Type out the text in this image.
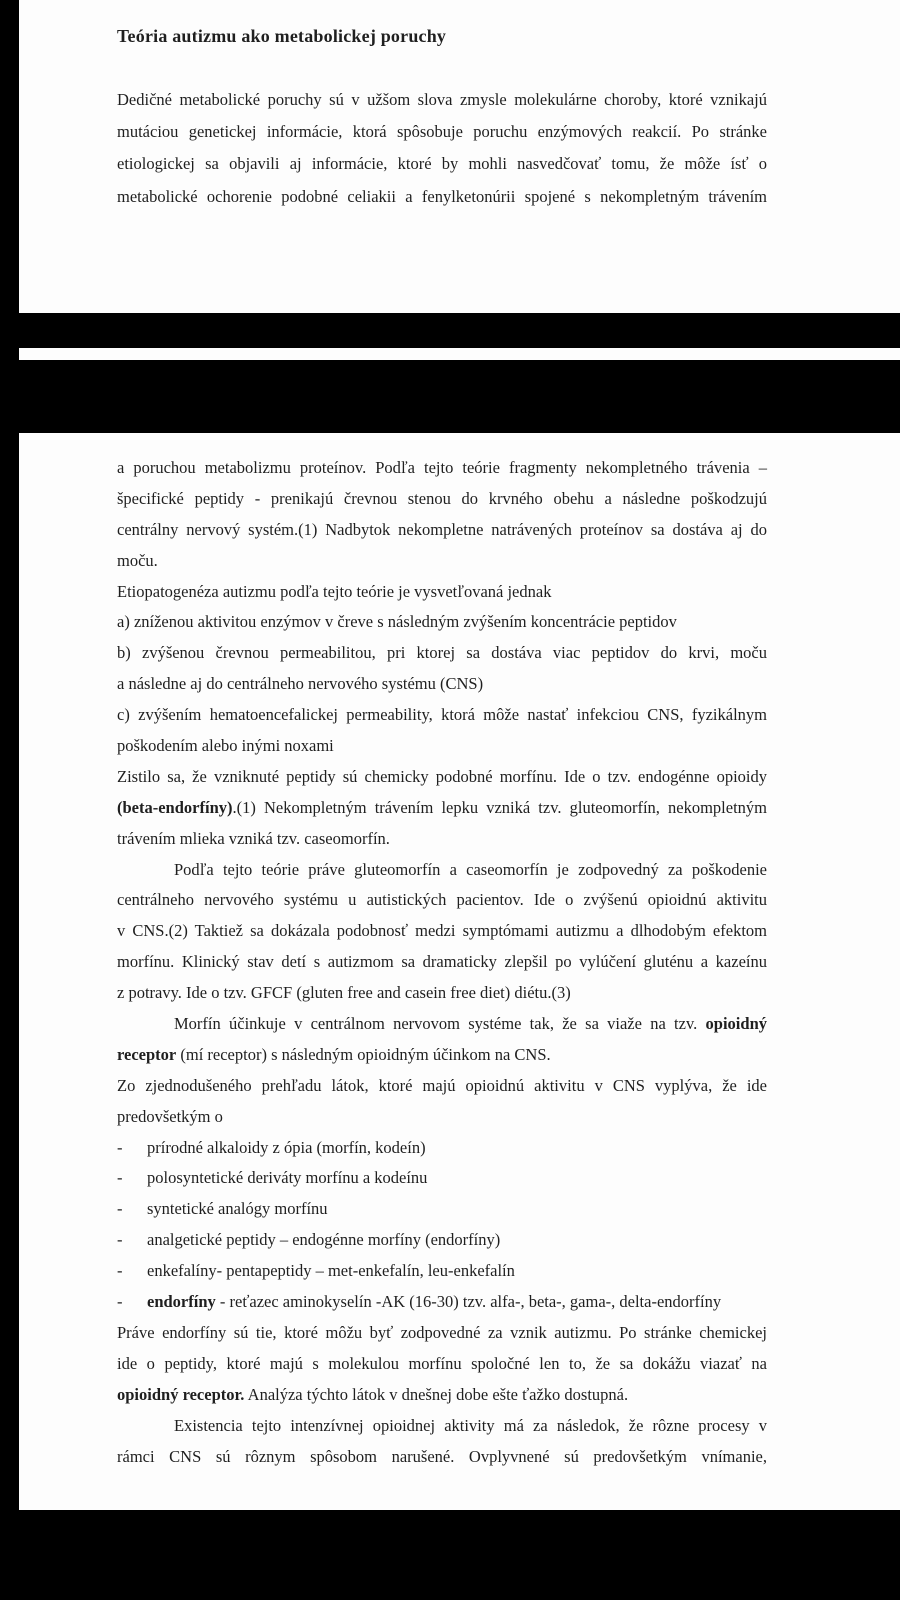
Teória autizmu ako metabolickej poruchy
Dedičné metabolické poruchy sú v užšom slova zmysle molekulárne choroby, ktoré vznikajú
mutáciou genetickej informácie, ktorá spôsobuje poruchu enzýmových reakcií. Po stránke
etiologickej sa objavili aj informácie, ktoré by mohli nasvedčovať tomu, že môže ísť o
metabolické ochorenie podobné celiakii a fenylketonúrii spojené s nekompletným trávením
a poruchou metabolizmu proteínov. Podľa tejto teórie fragmenty nekompletného trávenia –
špecifické peptidy - prenikajú črevnou stenou do krvného obehu a následne poškodzujú
centrálny nervový systém.(1) Nadbytok nekompletne natrávených proteínov sa dostáva aj do
moču.
Etiopatogenéza autizmu podľa tejto teórie je vysvetľovaná jednak
a) zníženou aktivitou enzýmov v čreve s následným zvýšením koncentrácie peptidov
b) zvýšenou črevnou permeabilitou, pri ktorej sa dostáva viac peptidov do krvi, moču
a následne aj do centrálneho nervového systému (CNS)
c) zvýšením hematoencefalickej permeability, ktorá môže nastať infekciou CNS, fyzikálnym
poškodením alebo inými noxami
Zistilo sa, že vzniknuté peptidy sú chemicky podobné morfínu. Ide o tzv. endogénne opioidy
(beta-endorfíny).(1) Nekompletným trávením lepku vzniká tzv. gluteomorfín, nekompletným
trávením mlieka vzniká tzv. caseomorfín.
Podľa tejto teórie práve gluteomorfín a caseomorfín je zodpovedný za poškodenie
centrálneho nervového systému u autistických pacientov. Ide o zvýšenú opioidnú aktivitu
v CNS.(2) Taktiež sa dokázala podobnosť medzi symptómami autizmu a dlhodobým efektom
morfínu. Klinický stav detí s autizmom sa dramaticky zlepšil po vylúčení gluténu a kazeínu
z potravy. Ide o tzv. GFCF (gluten free and casein free diet) diétu.(3)
Morfín účinkuje v centrálnom nervovom systéme tak, že sa viaže na tzv. opioidný
receptor (mí receptor) s následným opioidným účinkom na CNS.
Zo zjednodušeného prehľadu látok, ktoré majú opioidnú aktivitu v CNS vyplýva, že ide
predovšetkým o
- prírodné alkaloidy z ópia (morfín, kodeín)
- polosyntetické deriváty morfínu a kodeínu
- syntetické analógy morfínu
- analgetické peptidy – endogénne morfíny (endorfíny)
- enkefalíny- pentapeptidy – met-enkefalín, leu-enkefalín
- endorfíny - reťazec aminokyselín -AK (16-30) tzv. alfa-, beta-, gama-, delta-endorfíny
Práve endorfíny sú tie, ktoré môžu byť zodpovedné za vznik autizmu. Po stránke chemickej
ide o peptidy, ktoré majú s molekulou morfínu spoločné len to, že sa dokážu viazať na
opioidný receptor. Analýza týchto látok v dnešnej dobe ešte ťažko dostupná.
Existencia tejto intenzívnej opioidnej aktivity má za následok, že rôzne procesy v
rámci CNS sú rôznym spôsobom narušené. Ovplyvnené sú predovšetkým vnímanie,
